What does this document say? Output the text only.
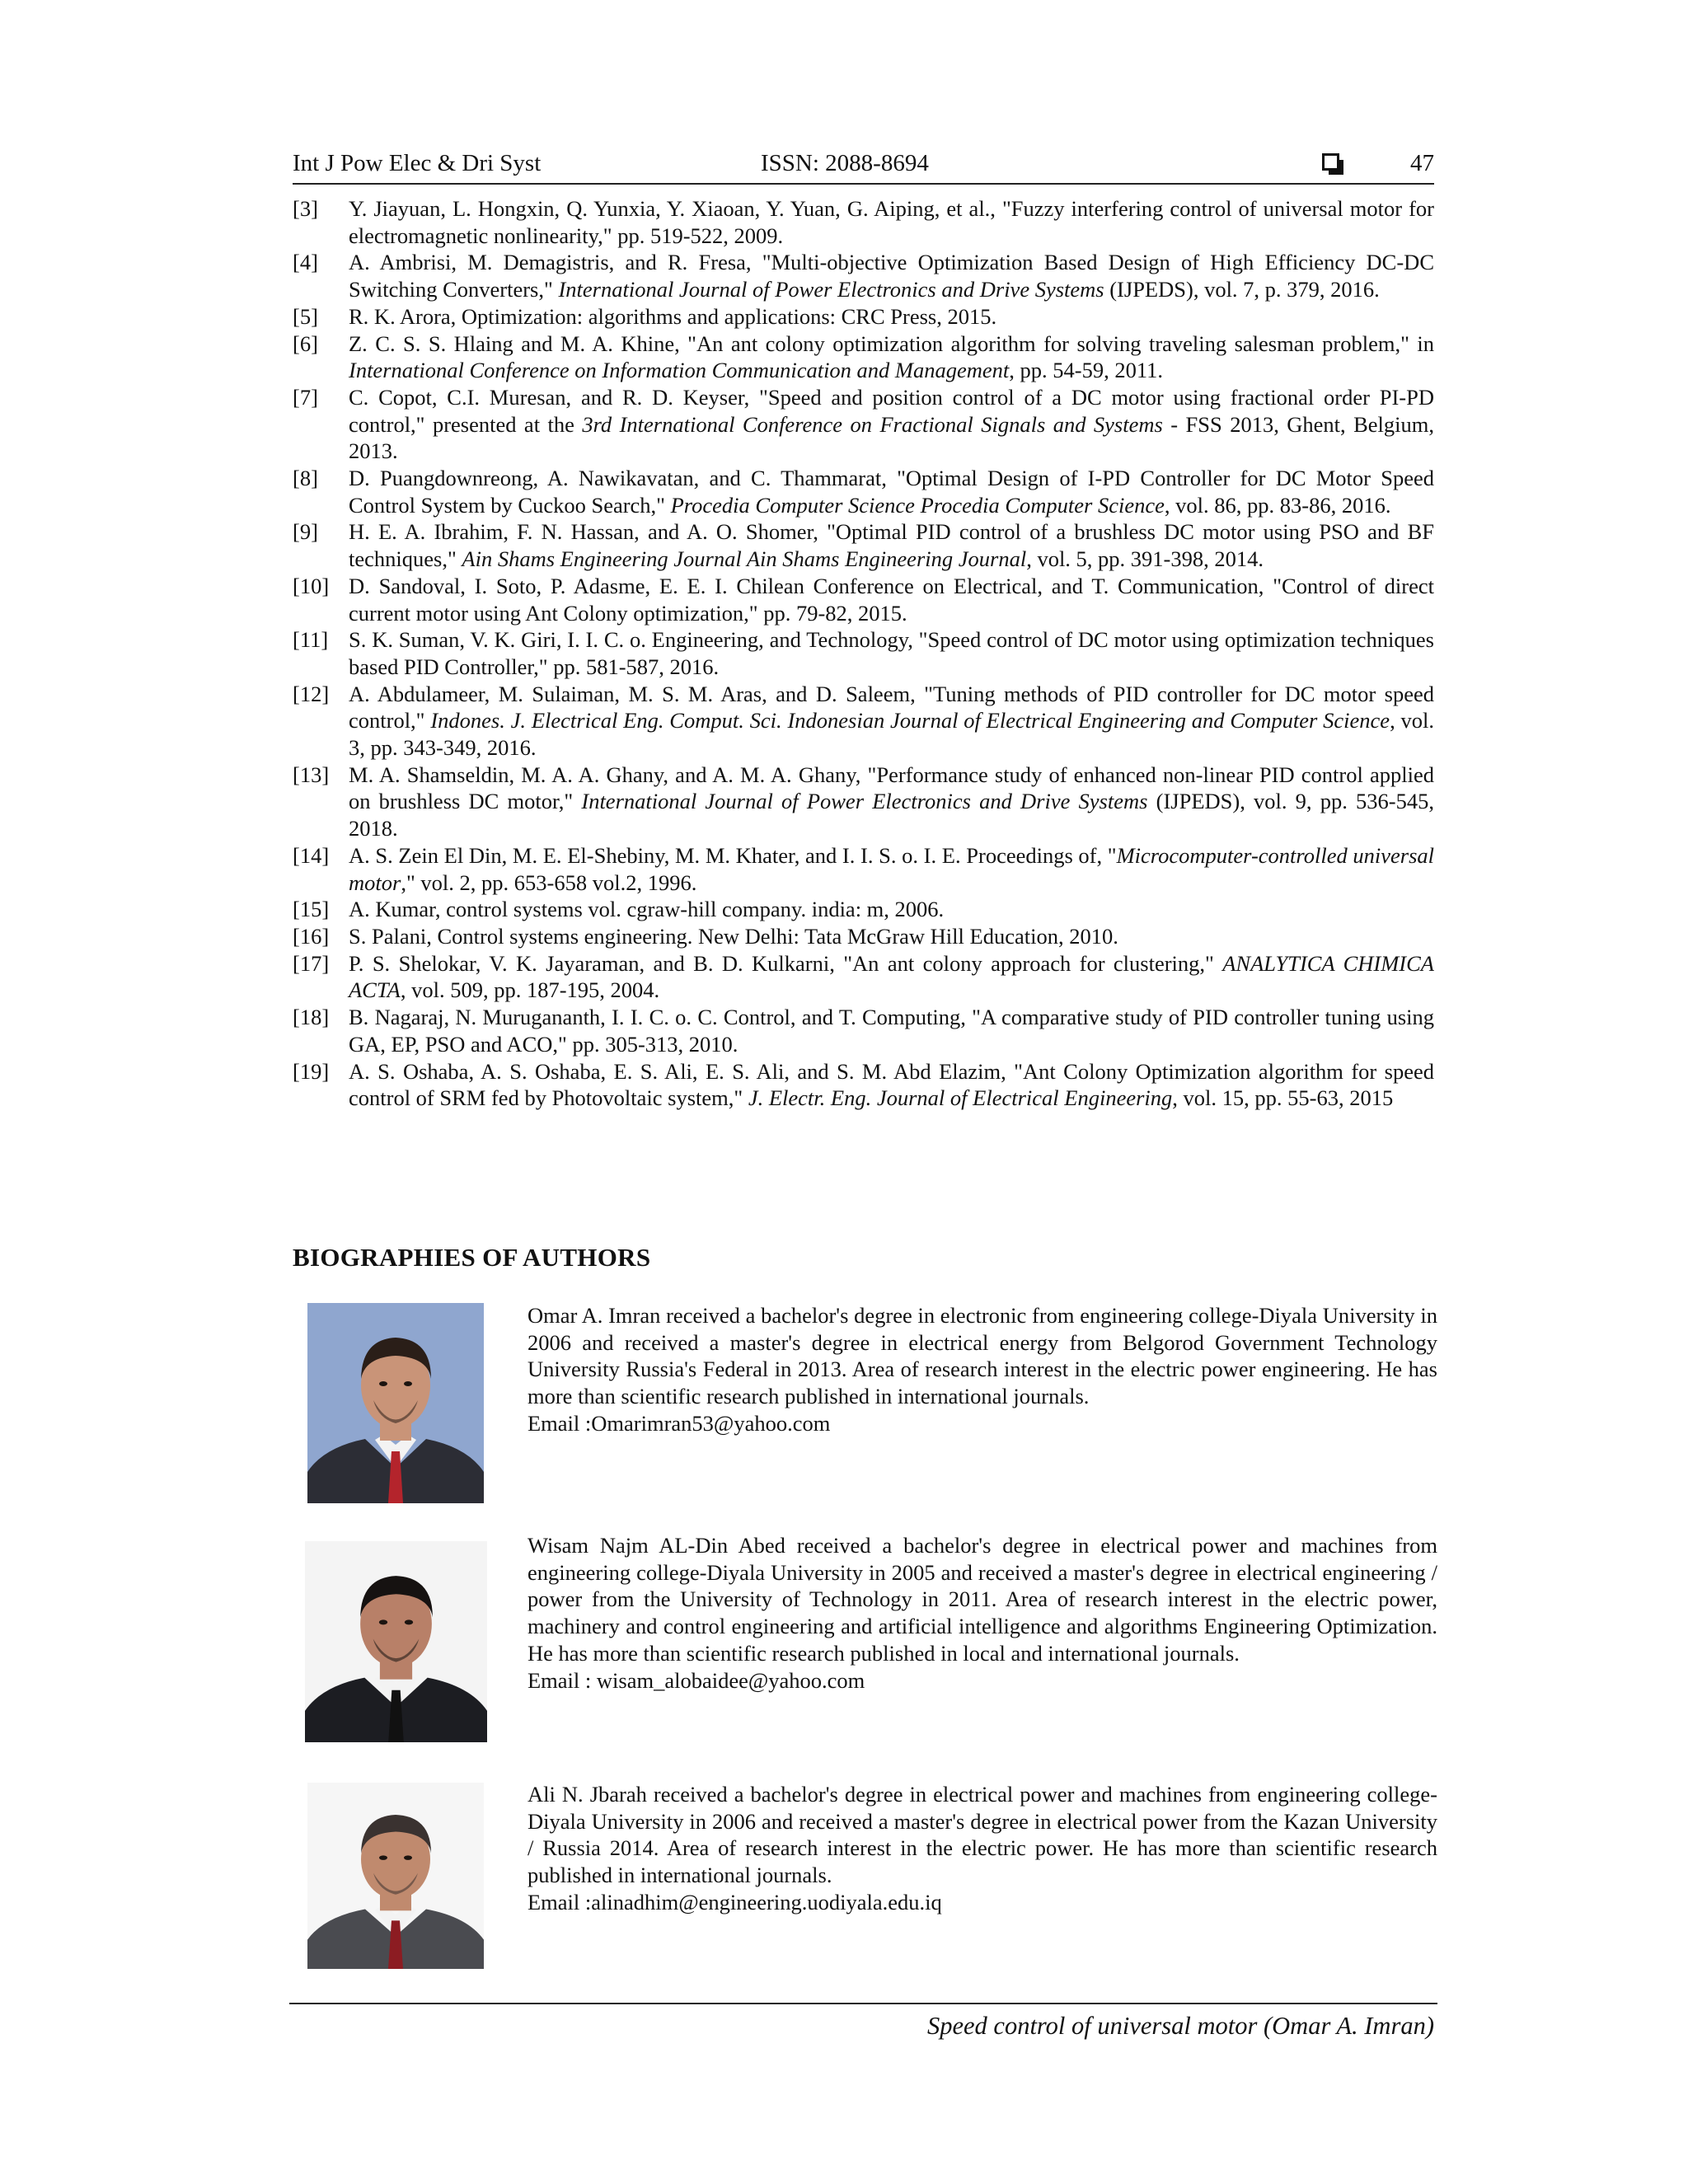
Int J Pow Elec & Dri Syst	ISSN: 2088-8694	47
[3] Y. Jiayuan, L. Hongxin, Q. Yunxia, Y. Xiaoan, Y. Yuan, G. Aiping, et al., "Fuzzy interfering control of universal motor for electromagnetic nonlinearity," pp. 519-522, 2009.
[4] A. Ambrisi, M. Demagistris, and R. Fresa, "Multi-objective Optimization Based Design of High Efficiency DC-DC Switching Converters," International Journal of Power Electronics and Drive Systems (IJPEDS), vol. 7, p. 379, 2016.
[5] R. K. Arora, Optimization: algorithms and applications: CRC Press, 2015.
[6] Z. C. S. S. Hlaing and M. A. Khine, "An ant colony optimization algorithm for solving traveling salesman problem," in International Conference on Information Communication and Management, pp. 54-59, 2011.
[7] C. Copot, C.I. Muresan, and R. D. Keyser, "Speed and position control of a DC motor using fractional order PI-PD control," presented at the 3rd International Conference on Fractional Signals and Systems - FSS 2013, Ghent, Belgium, 2013.
[8] D. Puangdownreong, A. Nawikavatan, and C. Thammarat, "Optimal Design of I-PD Controller for DC Motor Speed Control System by Cuckoo Search," Procedia Computer Science Procedia Computer Science, vol. 86, pp. 83-86, 2016.
[9] H. E. A. Ibrahim, F. N. Hassan, and A. O. Shomer, "Optimal PID control of a brushless DC motor using PSO and BF techniques," Ain Shams Engineering Journal Ain Shams Engineering Journal, vol. 5, pp. 391-398, 2014.
[10] D. Sandoval, I. Soto, P. Adasme, E. E. I. Chilean Conference on Electrical, and T. Communication, "Control of direct current motor using Ant Colony optimization," pp. 79-82, 2015.
[11] S. K. Suman, V. K. Giri, I. I. C. o. Engineering, and Technology, "Speed control of DC motor using optimization techniques based PID Controller," pp. 581-587, 2016.
[12] A. Abdulameer, M. Sulaiman, M. S. M. Aras, and D. Saleem, "Tuning methods of PID controller for DC motor speed control," Indones. J. Electrical Eng. Comput. Sci. Indonesian Journal of Electrical Engineering and Computer Science, vol. 3, pp. 343-349, 2016.
[13] M. A. Shamseldin, M. A. A. Ghany, and A. M. A. Ghany, "Performance study of enhanced non-linear PID control applied on brushless DC motor," International Journal of Power Electronics and Drive Systems (IJPEDS), vol. 9, pp. 536-545, 2018.
[14] A. S. Zein El Din, M. E. El-Shebiny, M. M. Khater, and I. I. S. o. I. E. Proceedings of, "Microcomputer-controlled universal motor," vol. 2, pp. 653-658 vol.2, 1996.
[15] A. Kumar, control systems vol. cgraw-hill company. india: m, 2006.
[16] S. Palani, Control systems engineering. New Delhi: Tata McGraw Hill Education, 2010.
[17] P. S. Shelokar, V. K. Jayaraman, and B. D. Kulkarni, "An ant colony approach for clustering," ANALYTICA CHIMICA ACTA, vol. 509, pp. 187-195, 2004.
[18] B. Nagaraj, N. Murugananth, I. I. C. o. C. Control, and T. Computing, "A comparative study of PID controller tuning using GA, EP, PSO and ACO," pp. 305-313, 2010.
[19] A. S. Oshaba, A. S. Oshaba, E. S. Ali, E. S. Ali, and S. M. Abd Elazim, "Ant Colony Optimization algorithm for speed control of SRM fed by Photovoltaic system," J. Electr. Eng. Journal of Electrical Engineering, vol. 15, pp. 55-63, 2015
BIOGRAPHIES OF AUTHORS
Omar A. Imran received a bachelor's degree in electronic from engineering college-Diyala University in 2006 and received a master's degree in electrical energy from Belgorod Government Technology University Russia's Federal in 2013. Area of research interest in the electric power engineering. He has more than scientific research published in international journals.
Email :Omarimran53@yahoo.com
Wisam Najm AL-Din Abed received a bachelor's degree in electrical power and machines from engineering college-Diyala University in 2005 and received a master's degree in electrical engineering / power from the University of Technology in 2011. Area of research interest in the electric power, machinery and control engineering and artificial intelligence and algorithms Engineering Optimization. He has more than scientific research published in local and international journals.
Email : wisam_alobaidee@yahoo.com
Ali N. Jbarah received a bachelor's degree in electrical power and machines from engineering college-Diyala University in 2006 and received a master's degree in electrical power from the Kazan University / Russia 2014. Area of research interest in the electric power. He has more than scientific research published in international journals.
Email :alinadhim@engineering.uodiyala.edu.iq
Speed control of universal motor (Omar A. Imran)
